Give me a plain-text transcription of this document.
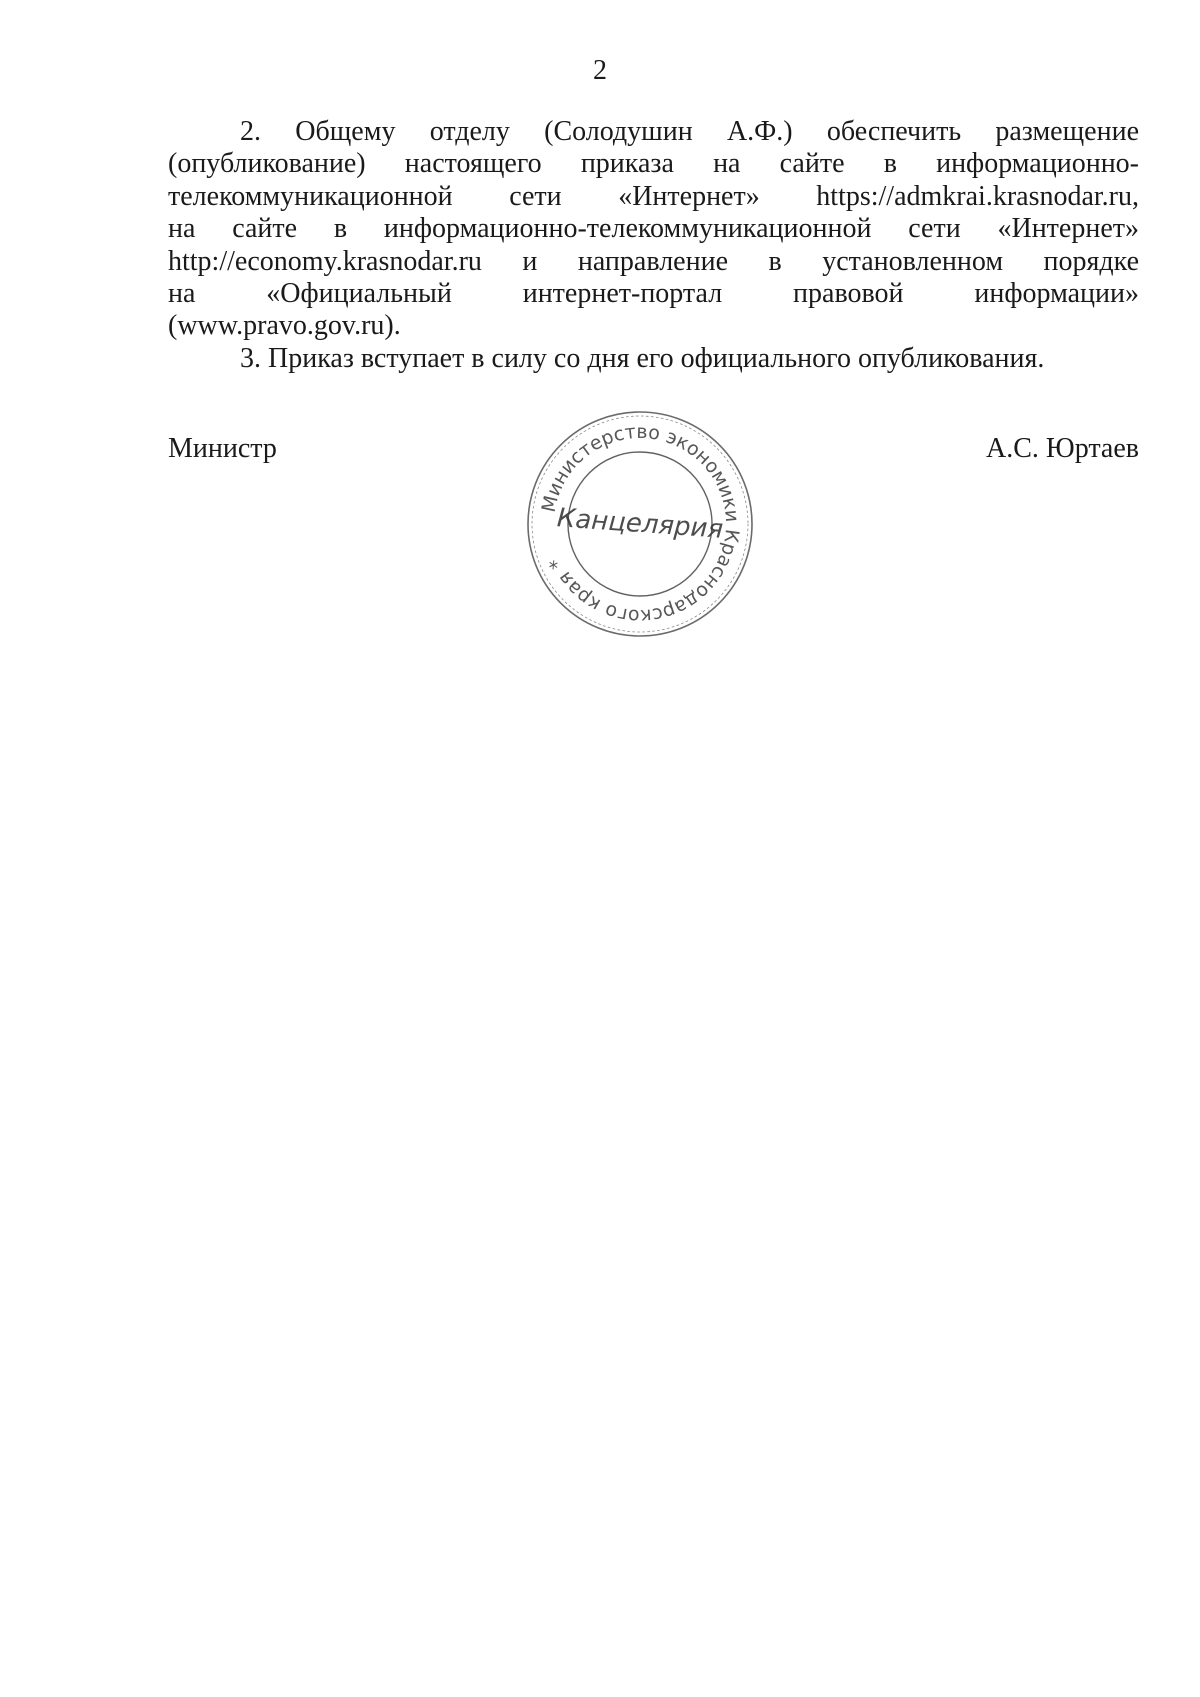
2
2. Общему отделу (Солодушин А.Ф.) обеспечить размещение
(опубликование) настоящего приказа на сайте в информационно-
телекоммуникационной сети «Интернет» https://admkrai.krasnodar.ru,
на сайте в информационно-телекоммуникационной сети «Интернет»
http://economy.krasnodar.ru и направление в установленном порядке
на «Официальный интернет-портал правовой информации»
(www.pravo.gov.ru).
3. Приказ вступает в силу со дня его официального опубликования.
Министр	А.С. Юртаев
Министерство экономики Краснодарского края *
Канцелярия
